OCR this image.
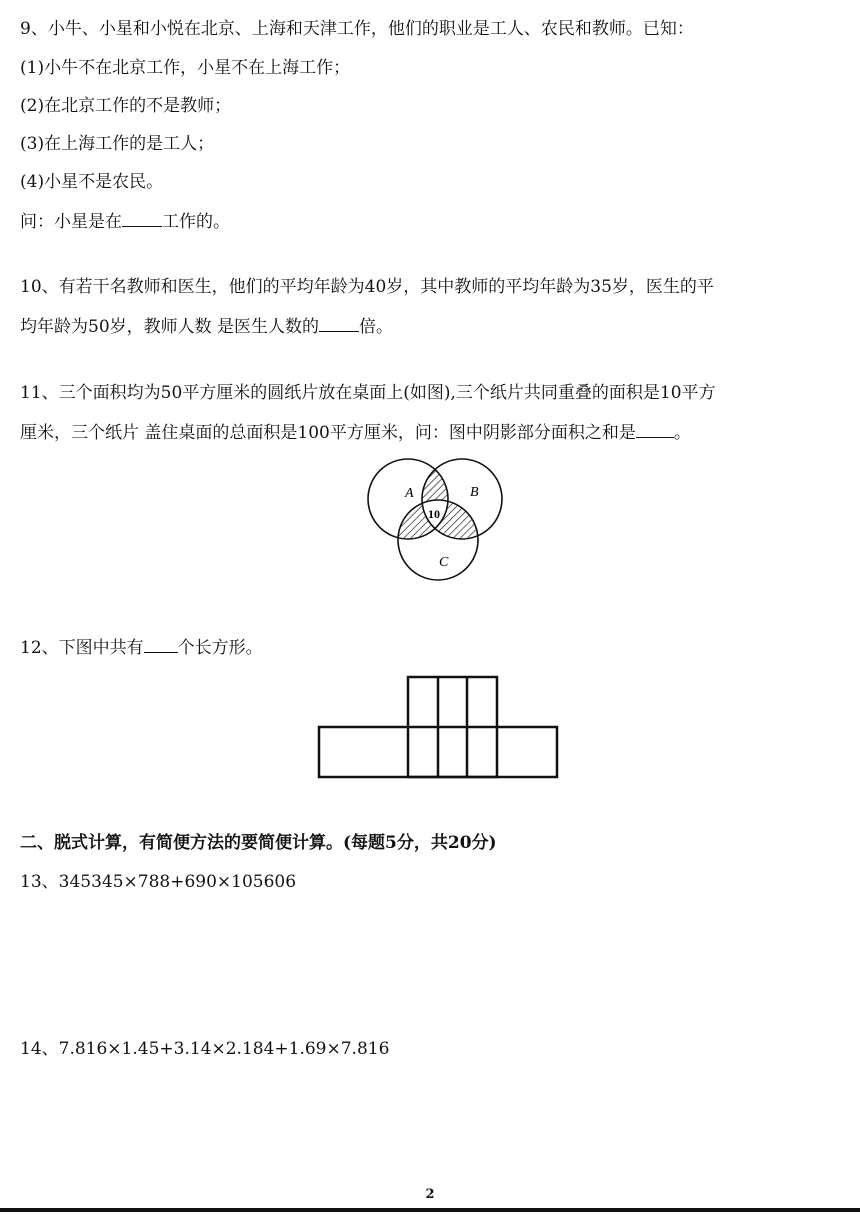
9、小牛、小星和小悦在北京、上海和天津工作，他们的职业是工人、农民和教师。已知：
(1)小牛不在北京工作，小星不在上海工作；
(2)在北京工作的不是教师；
(3)在上海工作的是工人；
(4)小星不是农民。
问：小星是在 工作的。
10、有若干名教师和医生，他们的平均年龄为40岁，其中教师的平均年龄为35岁，医生的平
均年龄为50岁，教师人数 是医生人数的 倍。
11、三个面积均为50平方厘米的圆纸片放在桌面上(如图),三个纸片共同重叠的面积是10平方
厘米，三个纸片 盖住桌面的总面积是100平方厘米，问：图中阴影部分面积之和是 。
A	B
C
10
12、下图中共有 个长方形。
二、脱式计算，有简便方法的要简便计算。(每题5分，共20分)
13、345345×788+690×105606
14、7.816×1.45+3.14×2.184+1.69×7.816
2
